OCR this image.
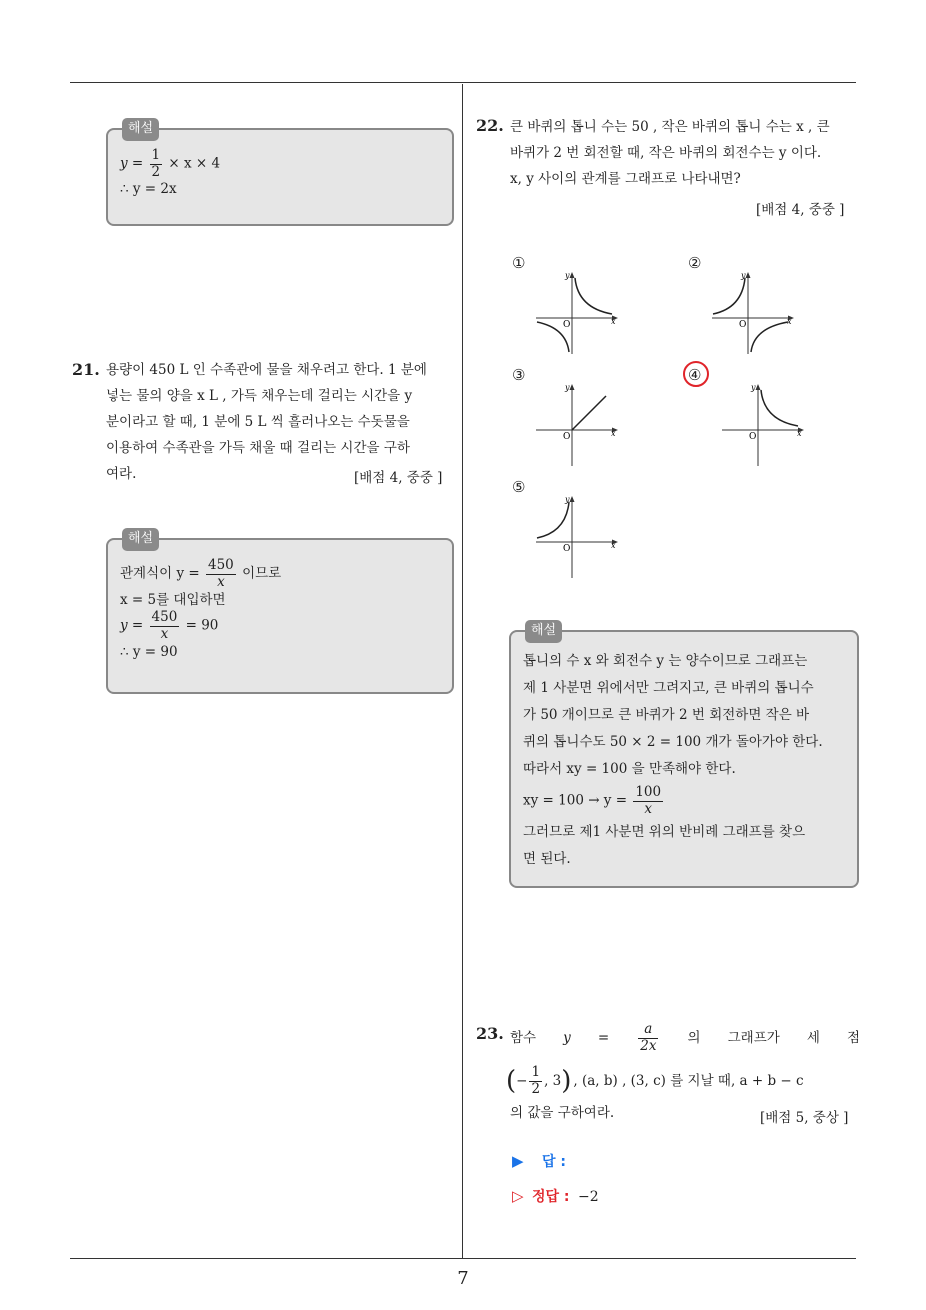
7
해설

$y = \frac{1}{2} \times x \times 4$

∴ y = 2x

21. 용량이 450 L 인 수족관에 물을 채우려고 한다. 1 분에
넣는 물의 양을 x L , 가득 채우는데 걸리는 시간을 y
분이라고 할 때, 1 분에 5 L 씩 흘러나오는 수돗물을
이용하여 수족관을 가득 채울 때 걸리는 시간을 구하
여라.	[배점 4, 중중 ]
해설

관계식이 $y = \frac{450}{x}$ 이므로

x = 5를 대입하면

$y = \frac{450}{x} = 90$

∴ y = 90

22. 큰 바퀴의 톱니 수는 50 , 작은 바퀴의 톱니 수는 x , 큰
바퀴가 2 번 회전할 때, 작은 바퀴의 회전수는 y 이다.
x, y 사이의 관계를 그래프로 나타내면?
[배점 4, 중중 ]
①	②
③	④
⑤
y
x
O
y
x
O
y
x
O
y
x
O
y
x
O
해설

톱니의 수 x 와 회전수 y 는 양수이므로 그래프는

제 1 사분면 위에서만 그려지고, 큰 바퀴의 톱니수

가 50 개이므로 큰 바퀴가 2 번 회전하면 작은 바

퀴의 톱니수도 50 × 2 = 100 개가 돌아가야 한다.

따라서 xy = 100 을 만족해야 한다.

xy = $100 \to y = \frac{100}{x}$

그러므로 제1 사분면 위의 반비례 그래프를 찾으

면 된다.

23. 함수 $y = \frac{a}{2x}$ 의 그래프가 세 점
( − $\frac{1}{2}$ , 3 ) , (a, b) , (3, c) 를 지날 때, a + b − c
의 값을 구하여라.	[배점 5, 중상 ]
▶ 답 :
▷ 정답 : −2
